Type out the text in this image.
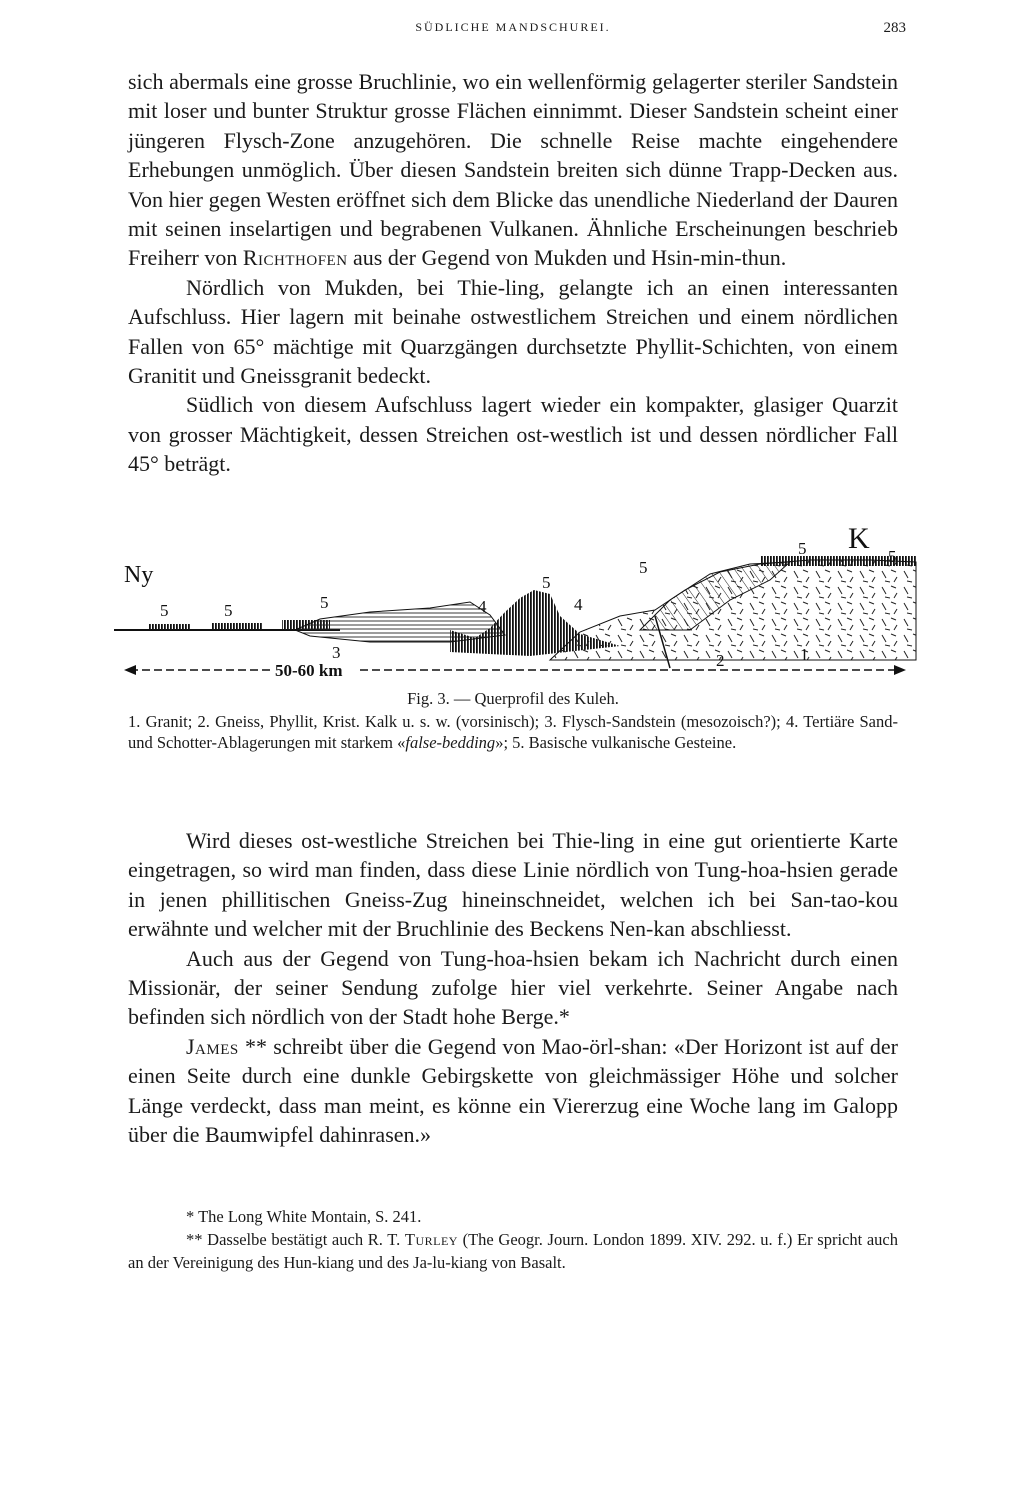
SÜDLICHE MANDSCHUREI.	283

sich abermals eine grosse Bruchlinie, wo ein wellenförmig gelagerter steriler Sandstein mit loser und bunter Struktur grosse Flächen einnimmt. Dieser Sandstein scheint einer jüngeren Flysch-Zone anzugehören. Die schnelle Reise machte eingehendere Erhebungen unmöglich. Über diesen Sandstein breiten sich dünne Trapp-Decken aus. Von hier gegen Westen eröffnet sich dem Blicke das unendliche Niederland der Dauren mit seinen inselartigen und begrabenen Vulkanen. Ähnliche Erscheinungen beschrieb Freiherr von Richthofen aus der Gegend von Mukden und Hsin-min-thun.

Nördlich von Mukden, bei Thie-ling, gelangte ich an einen interessanten Aufschluss. Hier lagern mit beinahe ostwestlichem Streichen und einem nördlichen Fallen von 65° mächtige mit Quarzgängen durchsetzte Phyllit-Schichten, von einem Granitit und Gneissgranit bedeckt.

Südlich von diesem Aufschluss lagert wieder ein kompakter, glasiger Quarzit von grosser Mächtigkeit, dessen Streichen ost-westlich ist und dessen nördlicher Fall 45° beträgt.

Ny
K
5	5	5
3
4
5
4
5
5	5
2	1
50-60 km

Fig. 3. — Querprofil des Kuleh.

1. Granit; 2. Gneiss, Phyllit, Krist. Kalk u. s. w. (vorsinisch); 3. Flysch-Sandstein (mesozoisch?); 4. Tertiäre Sand- und Schotter-Ablagerungen mit starkem «false-bedding»; 5. Basische vulkanische Gesteine.

Wird dieses ost-westliche Streichen bei Thie-ling in eine gut orientierte Karte eingetragen, so wird man finden, dass diese Linie nördlich von Tung-hoa-hsien gerade in jenen phillitischen Gneiss-Zug hineinschneidet, welchen ich bei San-tao-kou erwähnte und welcher mit der Bruchlinie des Beckens Nen-kan abschliesst.

Auch aus der Gegend von Tung-hoa-hsien bekam ich Nachricht durch einen Missionär, der seiner Sendung zufolge hier viel verkehrte. Seiner Angabe nach befinden sich nördlich von der Stadt hohe Berge.*

James ** schreibt über die Gegend von Mao-örl-shan: «Der Horizont ist auf der einen Seite durch eine dunkle Gebirgskette von gleichmässiger Höhe und solcher Länge verdeckt, dass man meint, es könne ein Viererzug eine Woche lang im Galopp über die Baumwipfel dahinrasen.»

* The Long White Montain, S. 241.

** Dasselbe bestätigt auch R. T. Turley (The Geogr. Journ. London 1899. XIV. 292. u. f.) Er spricht auch an der Vereinigung des Hun-kiang und des Ja-lu-kiang von Basalt.
